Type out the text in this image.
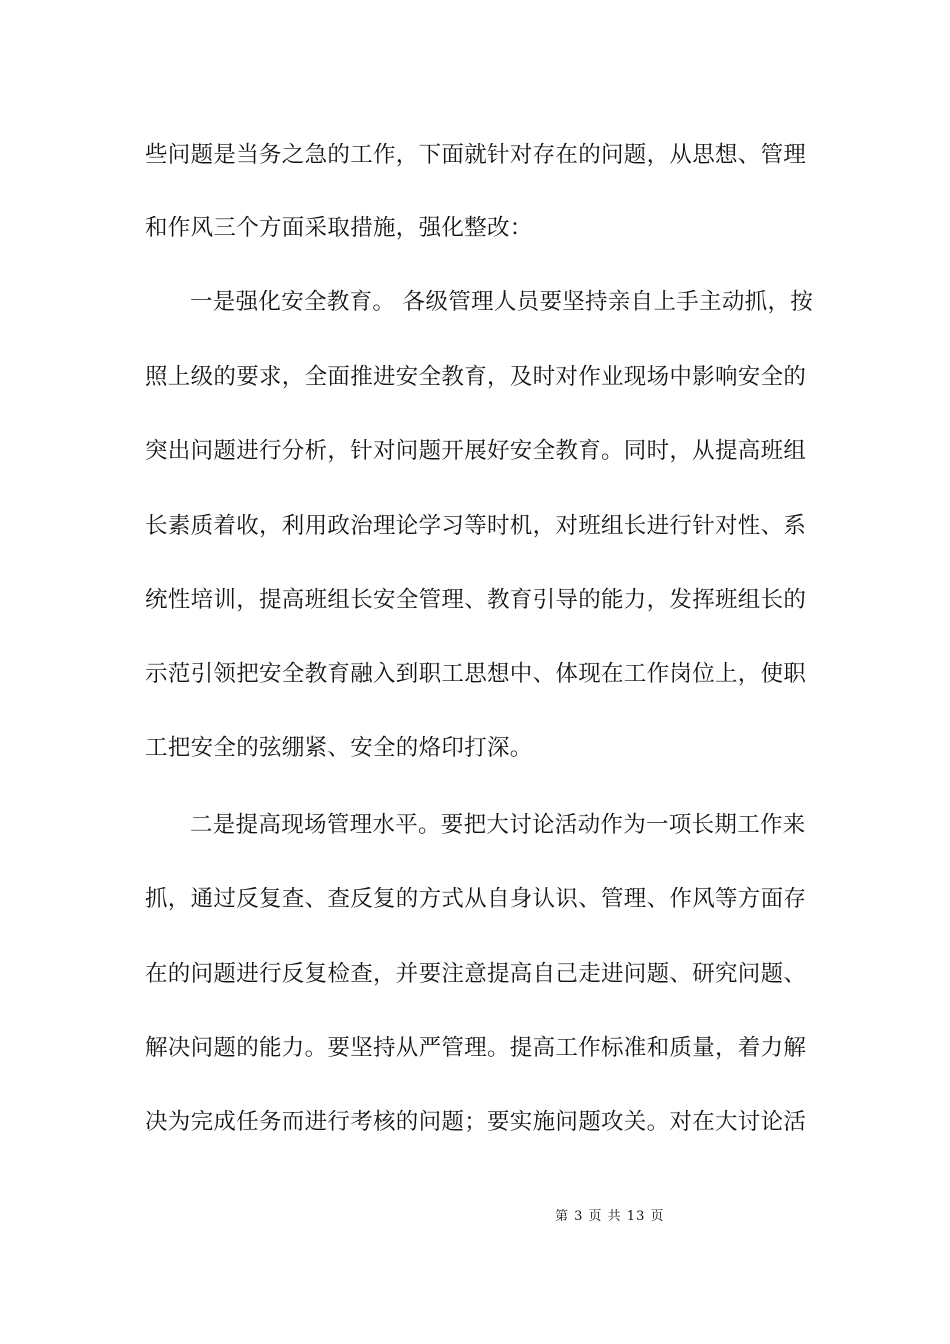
些问题是当务之急的工作，下面就针对存在的问题，从思想、管理
和作风三个方面采取措施，强化整改：
一是强化安全教育。 各级管理人员要坚持亲自上手主动抓，按
照上级的要求，全面推进安全教育，及时对作业现场中影响安全的
突出问题进行分析，针对问题开展好安全教育。同时，从提高班组
长素质着收，利用政治理论学习等时机，对班组长进行针对性、系
统性培训，提高班组长安全管理、教育引导的能力，发挥班组长的
示范引领把安全教育融入到职工思想中、体现在工作岗位上，使职
工把安全的弦绷紧、安全的烙印打深。
二是提高现场管理水平。要把大讨论活动作为一项长期工作来
抓，通过反复查、查反复的方式从自身认识、管理、作风等方面存
在的问题进行反复检查，并要注意提高自己走进问题、研究问题、
解决问题的能力。要坚持从严管理。提高工作标准和质量，着力解
决为完成任务而进行考核的问题；要实施问题攻关。对在大讨论活
第 3 页 共 13 页
